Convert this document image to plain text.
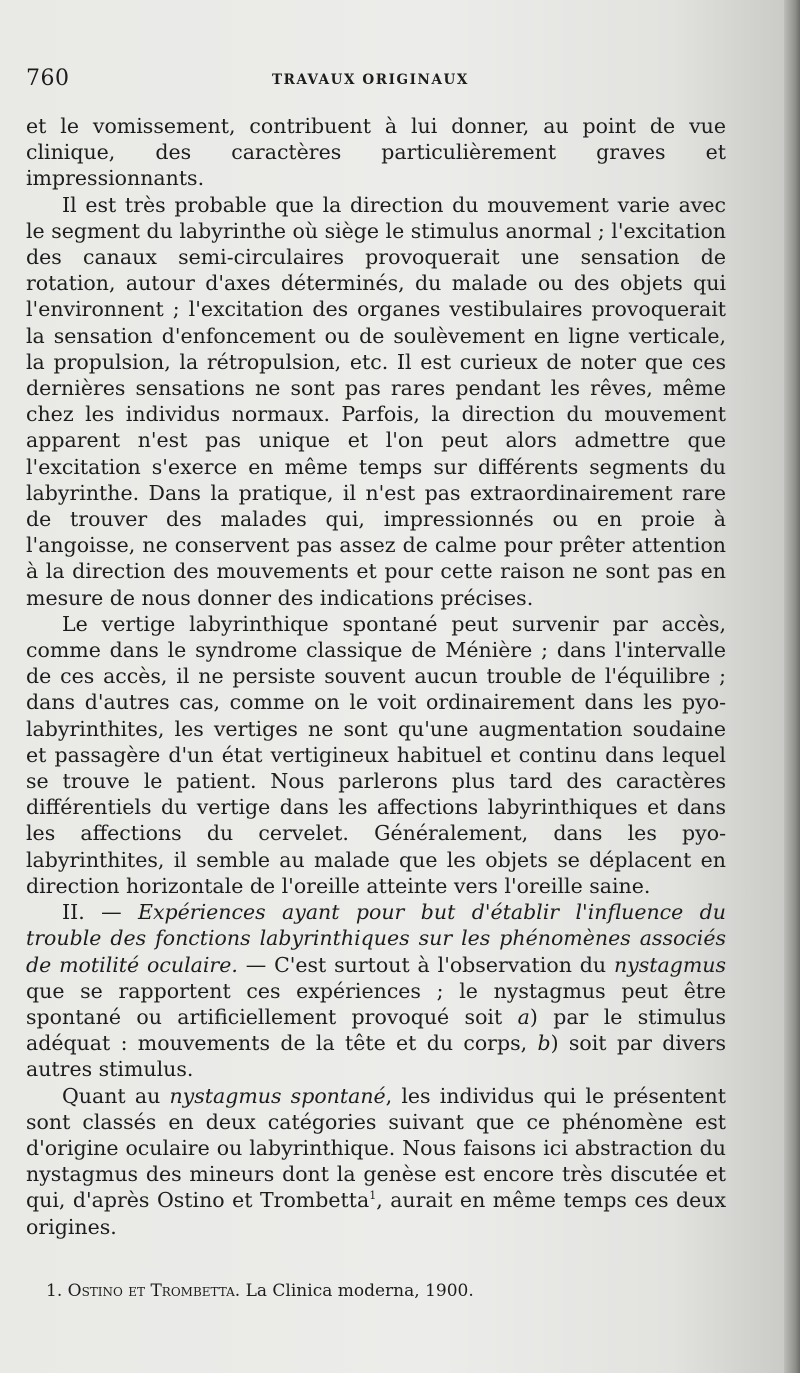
760	TRAVAUX ORIGINAUX

et le vomissement, contribuent à lui donner, au point de vue clinique, des caractères particulièrement graves et impressionnants.

Il est très probable que la direction du mouvement varie avec le segment du labyrinthe où siège le stimulus anormal ; l'excitation des canaux semi-circulaires provoquerait une sensation de rotation, autour d'axes déterminés, du malade ou des objets qui l'environnent ; l'excitation des organes vestibulaires provoquerait la sensation d'enfoncement ou de soulèvement en ligne verticale, la propulsion, la rétropulsion, etc. Il est curieux de noter que ces dernières sensations ne sont pas rares pendant les rêves, même chez les individus normaux. Parfois, la direction du mouvement apparent n'est pas unique et l'on peut alors admettre que l'excitation s'exerce en même temps sur différents segments du labyrinthe. Dans la pratique, il n'est pas extraordinairement rare de trouver des malades qui, impressionnés ou en proie à l'angoisse, ne conservent pas assez de calme pour prêter attention à la direction des mouvements et pour cette raison ne sont pas en mesure de nous donner des indications précises.

Le vertige labyrinthique spontané peut survenir par accès, comme dans le syndrome classique de Ménière ; dans l'intervalle de ces accès, il ne persiste souvent aucun trouble de l'équilibre ; dans d'autres cas, comme on le voit ordinairement dans les pyo-labyrinthites, les vertiges ne sont qu'une augmentation soudaine et passagère d'un état vertigineux habituel et continu dans lequel se trouve le patient. Nous parlerons plus tard des caractères différentiels du vertige dans les affections labyrinthiques et dans les affections du cervelet. Généralement, dans les pyo-labyrinthites, il semble au malade que les objets se déplacent en direction horizontale de l'oreille atteinte vers l'oreille saine.

II. — Expériences ayant pour but d'établir l'influence du trouble des fonctions labyrinthiques sur les phénomènes associés de motilité oculaire. — C'est surtout à l'observation du nystagmus que se rapportent ces expériences ; le nystagmus peut être spontané ou artificiellement provoqué soit a) par le stimulus adéquat : mouvements de la tête et du corps, b) soit par divers autres stimulus.

Quant au nystagmus spontané, les individus qui le présentent sont classés en deux catégories suivant que ce phénomène est d'origine oculaire ou labyrinthique. Nous faisons ici abstraction du nystagmus des mineurs dont la genèse est encore très discutée et qui, d'après Ostino et Trombetta$^1$, aurait en même temps ces deux origines.

1. Ostino et Trombetta. La Clinica moderna, 1900.
